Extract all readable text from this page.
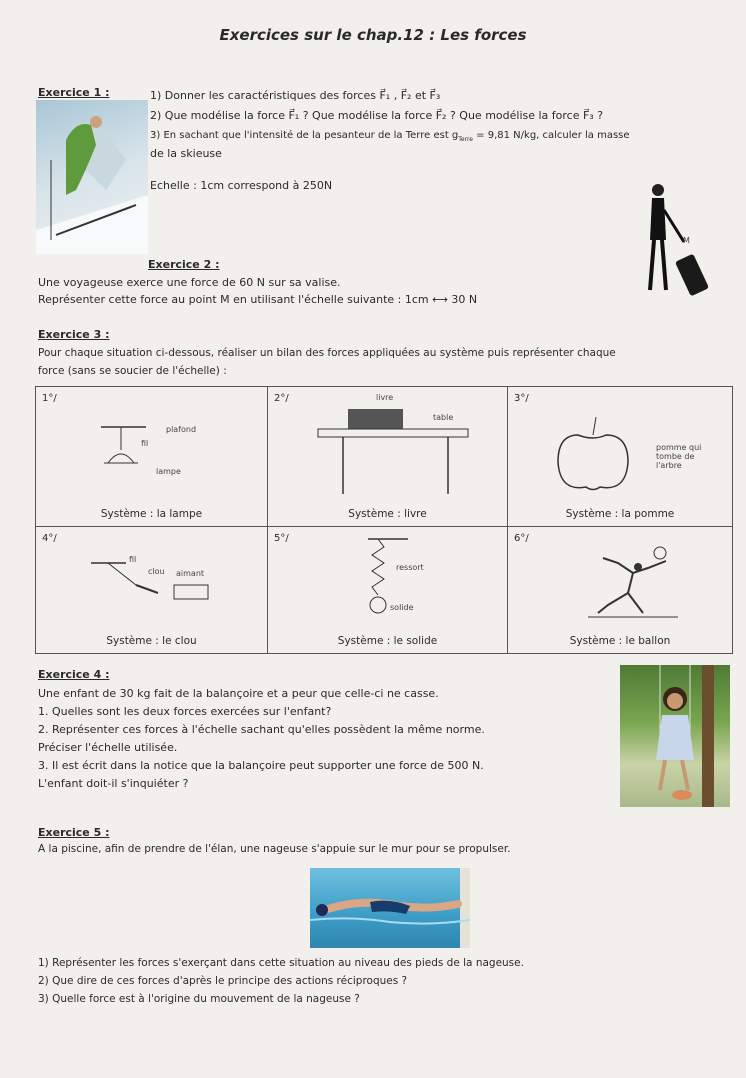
Exercices sur le chap.12 : Les forces
Exercice 1 :	1) Donner les caractéristiques des forces F⃗₁ , F⃗₂ et F⃗₃
2) Que modélise la force F⃗₁ ? Que modélise la force F⃗₂ ? Que modélise la force F⃗₃ ?
3) En sachant que l'intensité de la pesanteur de la Terre est $g_{Terre} = 9,81$ N/kg, calculer la masse
de la skieuse
Echelle : 1cm correspond à 250N
Exercice 2 :
Une voyageuse exerce une force de 60 N sur sa valise.
Représenter cette force au point M en utilisant l'échelle suivante : 1cm ⟷ 30 N
M
Exercice 3 :
Pour chaque situation ci-dessous, réaliser un bilan des forces appliquées au système puis représenter chaque
force (sans se soucier de l'échelle) :
1°/
plafond
fil
lampe
Système : la lampe
2°/	livre
table
Système : livre
3°/
pomme qui
tombe de
l'arbre
Système : la pomme
4°/
fil
clou aimant
Système : le clou
5°/
ressort
solide
Système : le solide
6°/
Système : le ballon
Exercice 4 :
Une enfant de 30 kg fait de la balançoire et a peur que celle-ci ne casse.
1. Quelles sont les deux forces exercées sur l'enfant?
2. Représenter ces forces à l'échelle sachant qu'elles possèdent la même norme.
Préciser l'échelle utilisée.
3. Il est écrit dans la notice que la balançoire peut supporter une force de 500 N.
L'enfant doit-il s'inquiéter ?
Exercice 5 :
A la piscine, afin de prendre de l'élan, une nageuse s'appuie sur le mur pour se propulser.
1) Représenter les forces s'exerçant dans cette situation au niveau des pieds de la nageuse.
2) Que dire de ces forces d'après le principe des actions réciproques ?
3) Quelle force est à l'origine du mouvement de la nageuse ?
